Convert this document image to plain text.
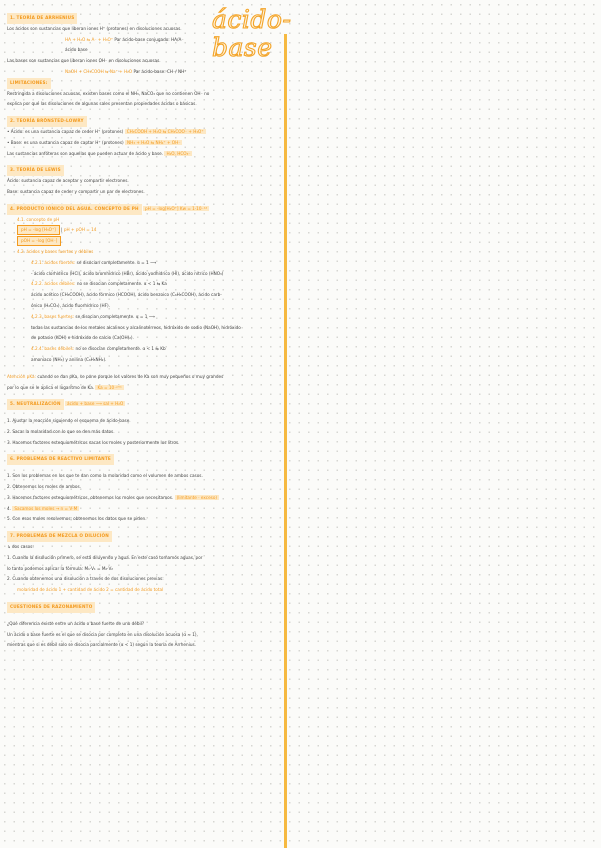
ácido-base

1. TEORÍA DE ARRHENIUS

Los ácidos son sustancias que liberan iones H⁺ (protones) en disoluciones acuosas.

HA + H₂O ⇆ A⁻ + H₃O⁺ Par ácido-base conjugado: HA/A⁻

ácido base

Las bases son sustancias que liberan iones OH⁻ en disoluciones acuosas.

NaOH + CH₃COOH ⇆ Na⁺ + H₂O Par ácido-base: CH⁻/ NH⁺

LIMITACIONES:

Restringida a disoluciones acuosas, existen bases como el NH₃, NaCO₃ que no contienen OH⁻ no

explica por qué las disoluciones de algunas sales presentan propiedades ácidas o básicas.

2. TEORÍA BRÖNSTED-LOWRY

• Ácido: es una sustancia capaz de ceder H⁺ (protones) CH₃COOH + H₂O ⇆ CH₃COO⁻ + H₃O⁺

• Base: es una sustancia capaz de captar H⁺ (protones) NH₃ + H₂O ⇆ NH₄⁺ + OH⁻

Las sustancias anfóteras son aquellas que pueden actuar de ácido y base. H₂O, HCO₃⁻

3. TEORÍA DE LEWIS

Ácido: sustancia capaz de aceptar y compartir electrones.

Base: sustancia capaz de ceder y compartir un par de electrones.

4. PRODUCTO IÓNICO DEL AGUA. CONCEPTO DE PH pH = -log[H₃O⁺] Kw = 1·10⁻¹⁴

4.1. concepto de pH

pH = -log [H₃O⁺] | pH + pOH = 14

pOH = -log [OH⁻]

4.2. ácidos y bases fuertes y débiles

4.2.1. ácidos fuertes: se disocian completamente. α = 1 ⟶

- ácido clorhídrico (HCl), ácido bromhídrico (HBr), ácido yodhídrico (HI), ácido nítrico (HNO₃)

4.2.2. ácidos débiles: no se disocian completamente. α < 1 ⇆ Ka

ácido acético (CH₃COOH), ácido fórmico (HCOOH), ácido benzoico (C₆H₅COOH), ácido carb-

ónico (H₂CO₃), ácido fluorhídrico (HF).

4.2.3. bases fuertes: se disocian completamente. α = 1 ⟶

todas las sustancias de los metales alcalinos y alcalinotérreos, hidróxido de sodio (NaOH), hidróxido

de potasio (KOH) e hidróxido de calcio (Ca(OH)₂).

4.2.4. bases débiles: no se disocian completamente. α < 1 ⇆ Kb

amoniaco (NH₃) y anilina (C₆H₅NH₂).

Atención pKa: cuando se dan pKa, se pone porque los valores de Ka son muy pequeños o muy grandes

por lo que se le aplica el logaritmo de Ka. Ka = 10⁻ᵖᴷᵃ

5. NEUTRALIZACIÓN ácido + base ⟶ sal + H₂O

1. Ajustar la reacción siguiendo el esquema de ácido-base.

2. Sacar la molaridad con lo que se den más datos.

3. Hacemos factores estequiométricos sacas los moles y posteriormente los litros.

6. PROBLEMAS DE REACTIVO LIMITANTE

1. Son los problemas en los que te dan como la molaridad como el volumen de ambos casos.

2. Obtenemos los moles de ambos.

3. Hacemos factores estequiométricos, obtenemos los moles que necesitamos. (limitante · exceso)

4. Sacamos los moles → n = V·M

5. Con esos moles resolvemos, obtenemos los datos que se piden.

7. PROBLEMAS DE MEZCLA O DILUCIÓN

↳ dos casos:

1. Cuando la disolución primero, se está diluyendo y agua. En este caso tomamos aguas, por

lo tanto podemos aplicar la fórmula: M₁·V₁ = M₂·V₂

2. Cuando obtenemos una disolución a través de dos disoluciones previas:

molaridad de ácido 1 + cantidad de ácido 2 = cantidad de ácido total

CUESTIONES DE RAZONAMIENTO

¿Qué diferencia existe entre un ácido o base fuerte de uno débil?

Un ácido o base fuerte es el que se disocia por completo en una disolución acuosa (α ≈ 1),

mientras que si es débil solo se disocia parcialmente (α < 1) según la teoría de Arrhenius.
